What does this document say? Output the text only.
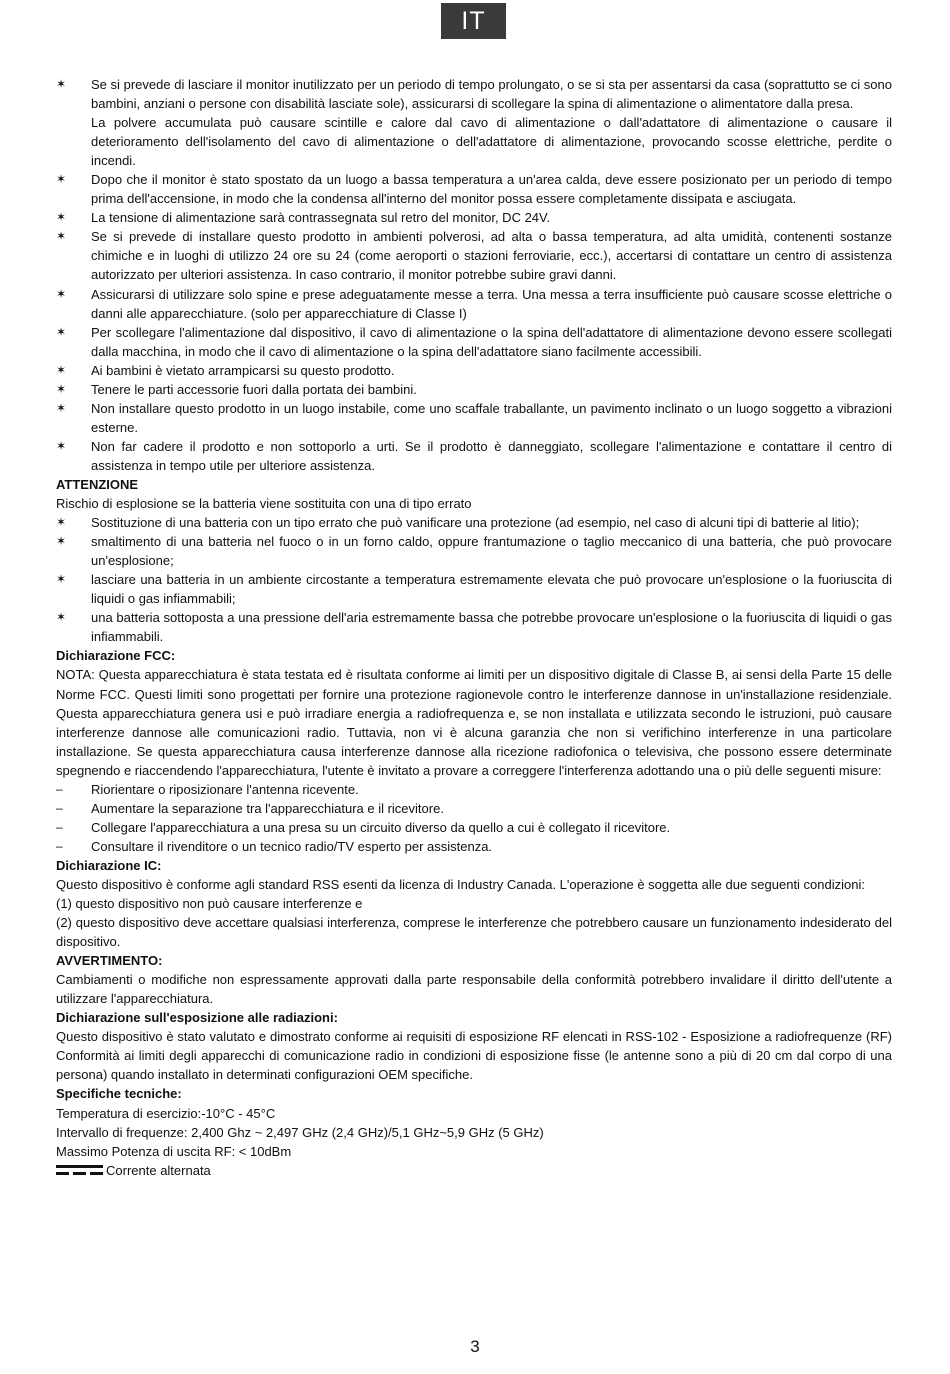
IT
✶ Se si prevede di lasciare il monitor inutilizzato per un periodo di tempo prolungato, o se si sta per assentarsi da casa (soprattutto se ci sono bambini, anziani o persone con disabilità lasciate sole), assicurarsi di scollegare la spina di alimentazione o alimentatore dalla presa.
La polvere accumulata può causare scintille e calore dal cavo di alimentazione o dall'adattatore di alimentazione o causare il deterioramento dell'isolamento del cavo di alimentazione o dell'adattatore di alimentazione, provocando scosse elettriche, perdite o incendi.
✶ Dopo che il monitor è stato spostato da un luogo a bassa temperatura a un'area calda, deve essere posizionato per un periodo di tempo prima dell'accensione, in modo che la condensa all'interno del monitor possa essere completamente dissipata e asciugata.
✶ La tensione di alimentazione sarà contrassegnata sul retro del monitor, DC 24V.
✶ Se si prevede di installare questo prodotto in ambienti polverosi, ad alta o bassa temperatura, ad alta umidità, contenenti sostanze chimiche e in luoghi di utilizzo 24 ore su 24 (come aeroporti o stazioni ferroviarie, ecc.), accertarsi di contattare un centro di assistenza autorizzato per ulteriori assistenza. In caso contrario, il monitor potrebbe subire gravi danni.
✶ Assicurarsi di utilizzare solo spine e prese adeguatamente messe a terra. Una messa a terra insufficiente può causare scosse elettriche o danni alle apparecchiature. (solo per apparecchiature di Classe I)
✶ Per scollegare l'alimentazione dal dispositivo, il cavo di alimentazione o la spina dell'adattatore di alimentazione devono essere scollegati dalla macchina, in modo che il cavo di alimentazione o la spina dell'adattatore siano facilmente accessibili.
✶ Ai bambini è vietato arrampicarsi su questo prodotto.
✶ Tenere le parti accessorie fuori dalla portata dei bambini.
✶ Non installare questo prodotto in un luogo instabile, come uno scaffale traballante, un pavimento inclinato o un luogo soggetto a vibrazioni esterne.
✶ Non far cadere il prodotto e non sottoporlo a urti. Se il prodotto è danneggiato, scollegare l'alimentazione e contattare il centro di assistenza in tempo utile per ulteriore assistenza.
ATTENZIONE
Rischio di esplosione se la batteria viene sostituita con una di tipo errato
✶ Sostituzione di una batteria con un tipo errato che può vanificare una protezione (ad esempio, nel caso di alcuni tipi di batterie al litio);
✶ smaltimento di una batteria nel fuoco o in un forno caldo, oppure frantumazione o taglio meccanico di una batteria, che può provocare un'esplosione;
✶ lasciare una batteria in un ambiente circostante a temperatura estremamente elevata che può provocare un'esplosione o la fuoriuscita di liquidi o gas infiammabili;
✶ una batteria sottoposta a una pressione dell'aria estremamente bassa che potrebbe provocare un'esplosione o la fuoriuscita di liquidi o gas infiammabili.
Dichiarazione FCC:
NOTA: Questa apparecchiatura è stata testata ed è risultata conforme ai limiti per un dispositivo digitale di Classe B, ai sensi della Parte 15 delle Norme FCC. Questi limiti sono progettati per fornire una protezione ragionevole contro le interferenze dannose in un'installazione residenziale. Questa apparecchiatura genera usi e può irradiare energia a radiofrequenza e, se non installata e utilizzata secondo le istruzioni, può causare interferenze dannose alle comunicazioni radio. Tuttavia, non vi è alcuna garanzia che non si verifichino interferenze in una particolare installazione. Se questa apparecchiatura causa interferenze dannose alla ricezione radiofonica o televisiva, che possono essere determinate spegnendo e riaccendendo l'apparecchiatura, l'utente è invitato a provare a correggere l'interferenza adottando una o più delle seguenti misure:
–	Riorientare o riposizionare l'antenna ricevente.
–	Aumentare la separazione tra l'apparecchiatura e il ricevitore.
–	Collegare l'apparecchiatura a una presa su un circuito diverso da quello a cui è collegato il ricevitore.
–	Consultare il rivenditore o un tecnico radio/TV esperto per assistenza.
Dichiarazione IC:
Questo dispositivo è conforme agli standard RSS esenti da licenza di Industry Canada. L'operazione è soggetta alle due seguenti condizioni:
(1) questo dispositivo non può causare interferenze e
(2) questo dispositivo deve accettare qualsiasi interferenza, comprese le interferenze che potrebbero causare un funzionamento indesiderato del dispositivo.
AVVERTIMENTO:
Cambiamenti o modifiche non espressamente approvati dalla parte responsabile della conformità potrebbero invalidare il diritto dell'utente a utilizzare l'apparecchiatura.
Dichiarazione sull'esposizione alle radiazioni:
Questo dispositivo è stato valutato e dimostrato conforme ai requisiti di esposizione RF elencati in RSS-102 - Esposizione a radiofrequenze (RF) Conformità ai limiti degli apparecchi di comunicazione radio in condizioni di esposizione fisse (le antenne sono a più di 20 cm dal corpo di una persona) quando installato in determinati configurazioni OEM specifiche.
Specifiche tecniche:
Temperatura di esercizio:-10°C - 45°C
Intervallo di frequenze: 2,400 Ghz ~ 2,497 GHz (2,4 GHz)/5,1 GHz~5,9 GHz (5 GHz)
Massimo Potenza di uscita RF: < 10dBm
Corrente alternata
3
